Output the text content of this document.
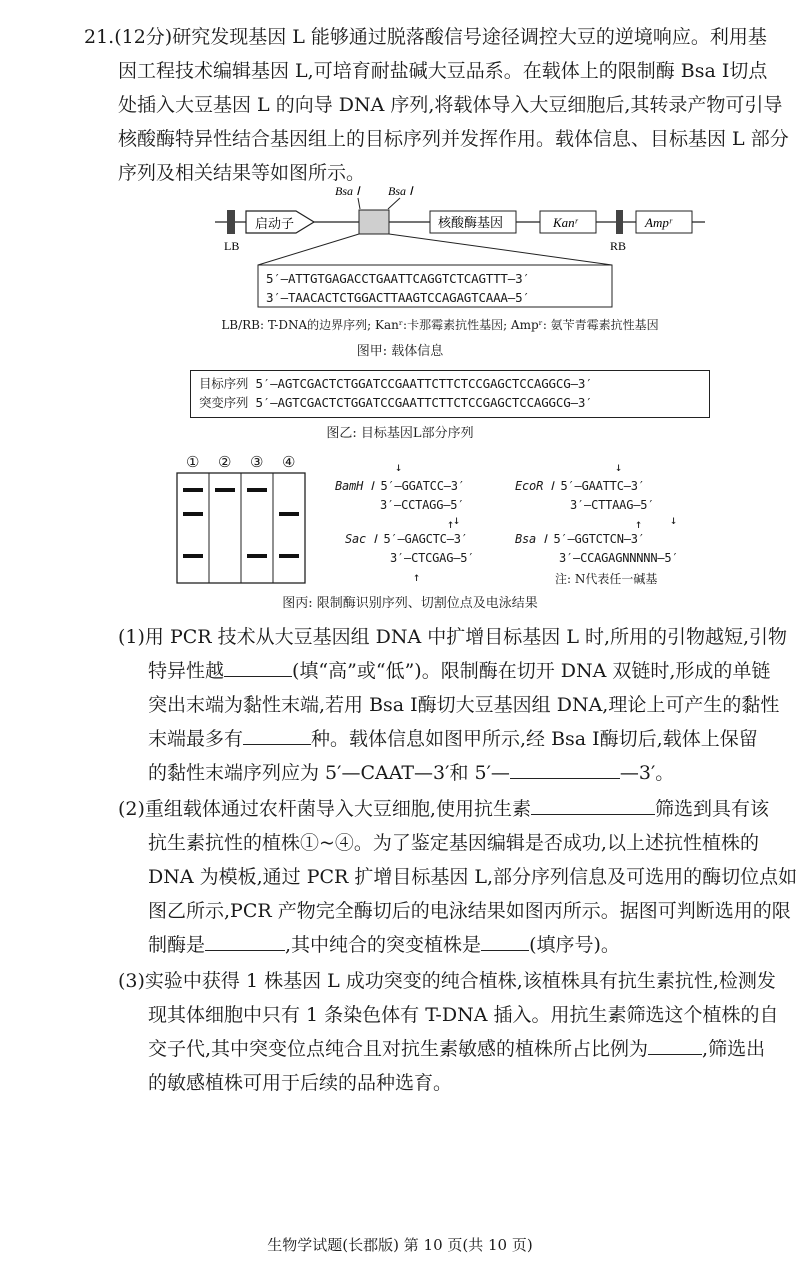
21.(12分)研究发现基因 L 能够通过脱落酸信号途径调控大豆的逆境响应。利用基
因工程技术编辑基因 L,可培育耐盐碱大豆品系。在载体上的限制酶 Bsa Ⅰ切点
处插入大豆基因 L 的向导 DNA 序列,将载体导入大豆细胞后,其转录产物可引导
核酸酶特异性结合基因组上的目标序列并发挥作用。载体信息、目标基因 L 部分
序列及相关结果等如图所示。
LB
启动子
Bsa Ⅰ Bsa Ⅰ
核酸酶基因	Kanʳ
RB
Ampʳ
5′—ATTGTGAGACCTGAATTCAGGTCTCAGTTT—3′
3′—TAACACTCTGGACTTAAGTCCAGAGTCAAA—5′
LB/RB: T-DNA的边界序列; Kanʳ:卡那霉素抗性基因; Ampʳ: 氨苄青霉素抗性基因
图甲: 载体信息
目标序列 5′—AGTCGACTCTGGATCCGAATTCTTCTCCGAGCTCCAGGCG—3′
突变序列 5′—AGTCGACTCTGGATCCGAATTCTTCTCCGAGCTCCAGGCG—3′
图乙: 目标基因L部分序列
① ② ③ ④	↓
BamH Ⅰ 5′—GGATCC—3′
3′—CCTAGG—5′
↑
↓
EcoR Ⅰ 5′—GAATTC—3′
3′—CTTAAG—5′
↑
↓
Sac Ⅰ 5′—GAGCTC—3′
3′—CTCGAG—5′
↑
↓
Bsa Ⅰ 5′—GGTCTCN—3′
3′—CCAGAGNNNNN—5′
注: N代表任一碱基
图丙: 限制酶识别序列、切割位点及电泳结果
(1)用 PCR 技术从大豆基因组 DNA 中扩增目标基因 L 时,所用的引物越短,引物
特异性越	(填“高”或“低”)。限制酶在切开 DNA 双链时,形成的单链
突出末端为黏性末端,若用 Bsa Ⅰ酶切大豆基因组 DNA,理论上可产生的黏性
末端最多有	种。载体信息如图甲所示,经 Bsa Ⅰ酶切后,载体上保留
的黏性末端序列应为 5′—CAAT—3′和 5′—	—3′。
(2)重组载体通过农杆菌导入大豆细胞,使用抗生素	筛选到具有该
抗生素抗性的植株①~④。为了鉴定基因编辑是否成功,以上述抗性植株的
DNA 为模板,通过 PCR 扩增目标基因 L,部分序列信息及可选用的酶切位点如
图乙所示,PCR 产物完全酶切后的电泳结果如图丙所示。据图可判断选用的限
制酶是	,其中纯合的突变植株是	(填序号)。
(3)实验中获得 1 株基因 L 成功突变的纯合植株,该植株具有抗生素抗性,检测发
现其体细胞中只有 1 条染色体有 T-DNA 插入。用抗生素筛选这个植株的自
交子代,其中突变位点纯合且对抗生素敏感的植株所占比例为	,筛选出
的敏感植株可用于后续的品种选育。
生物学试题(长郡版) 第 10 页(共 10 页)
